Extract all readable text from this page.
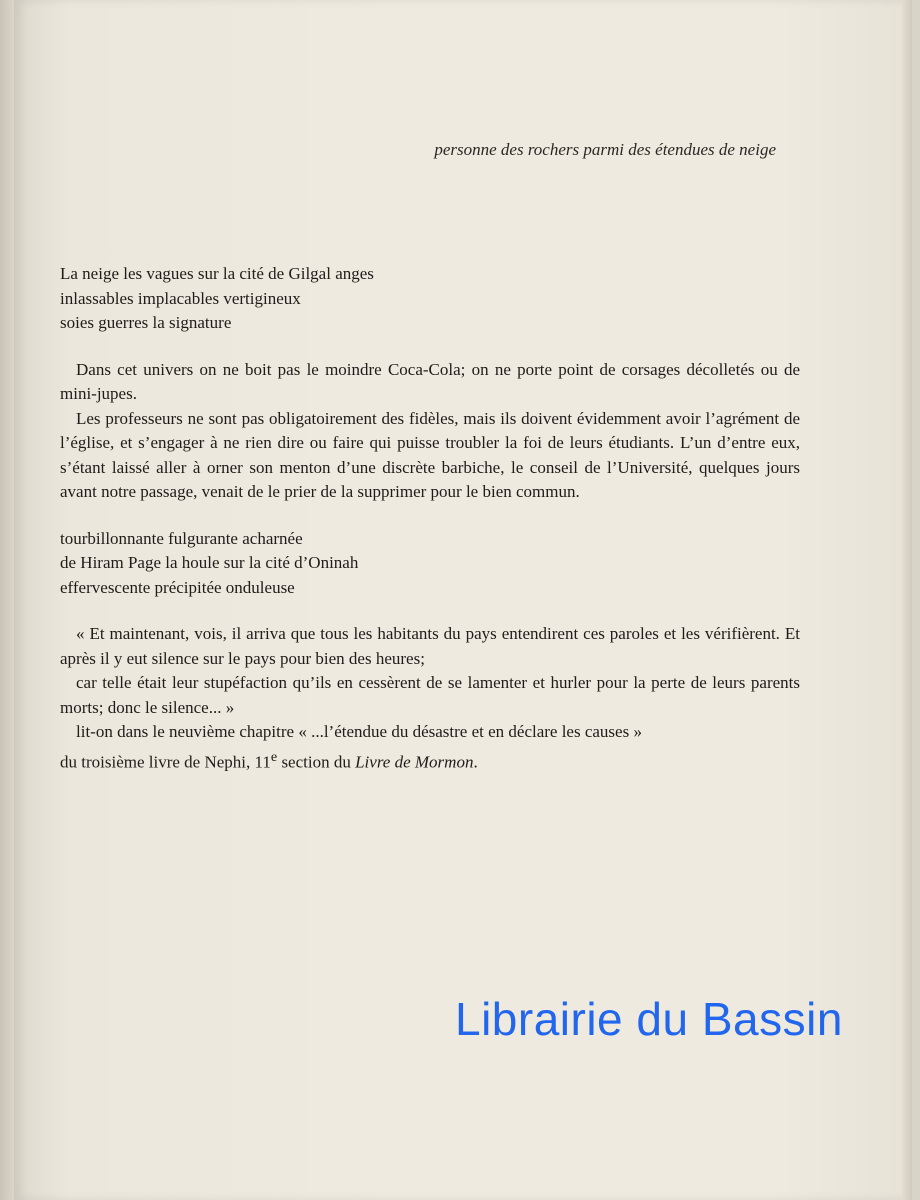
personne des rochers parmi des étendues de neige

La neige les vagues sur la cité de Gilgal anges

inlassables implacables vertigineux

soies guerres la signature

Dans cet univers on ne boit pas le moindre Coca-Cola; on ne porte point de corsages décolletés ou de mini-jupes.

Les professeurs ne sont pas obligatoirement des fidèles, mais ils doivent évidemment avoir l’agrément de l’église, et s’engager à ne rien dire ou faire qui puisse troubler la foi de leurs étudiants. L’un d’entre eux, s’étant laissé aller à orner son menton d’une discrète barbiche, le conseil de l’Université, quelques jours avant notre passage, venait de le prier de la supprimer pour le bien commun.

tourbillonnante fulgurante acharnée

de Hiram Page la houle sur la cité d’Oninah

effervescente précipitée onduleuse

« Et maintenant, vois, il arriva que tous les habitants du pays entendirent ces paroles et les vérifièrent. Et après il y eut silence sur le pays pour bien des heures;

car telle était leur stupéfaction qu’ils en cessèrent de se lamenter et hurler pour la perte de leurs parents morts; donc le silence... »

lit-on dans le neuvième chapitre « ...l’étendue du désastre et en déclare les causes »

du troisième livre de Nephi, 11e section du Livre de Mormon.

Librairie du Bassin
